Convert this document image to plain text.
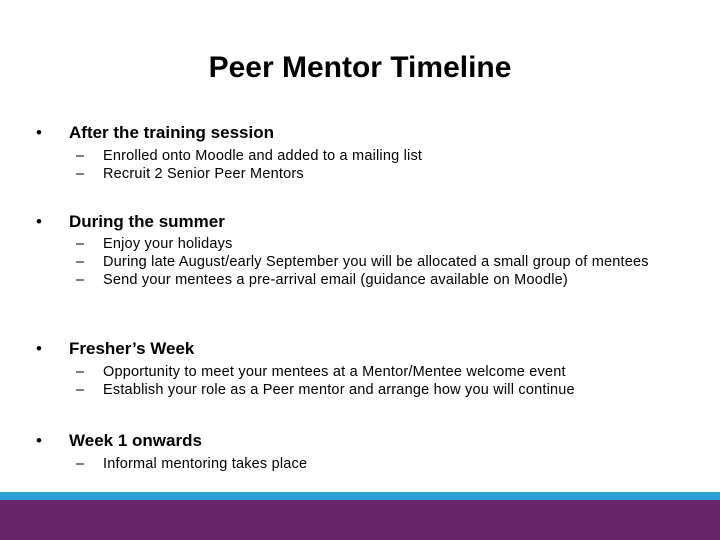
Peer Mentor Timeline
• After the training session
– Enrolled onto Moodle and added to a mailing list
– Recruit 2 Senior Peer Mentors
• During the summer
– Enjoy your holidays
– During late August/early September you will be allocated a small group of mentees
– Send your mentees a pre-arrival email (guidance available on Moodle)
• Fresher’s Week
– Opportunity to meet your mentees at a Mentor/Mentee welcome event
– Establish your role as a Peer mentor and arrange how you will continue
• Week 1 onwards
– Informal mentoring takes place
